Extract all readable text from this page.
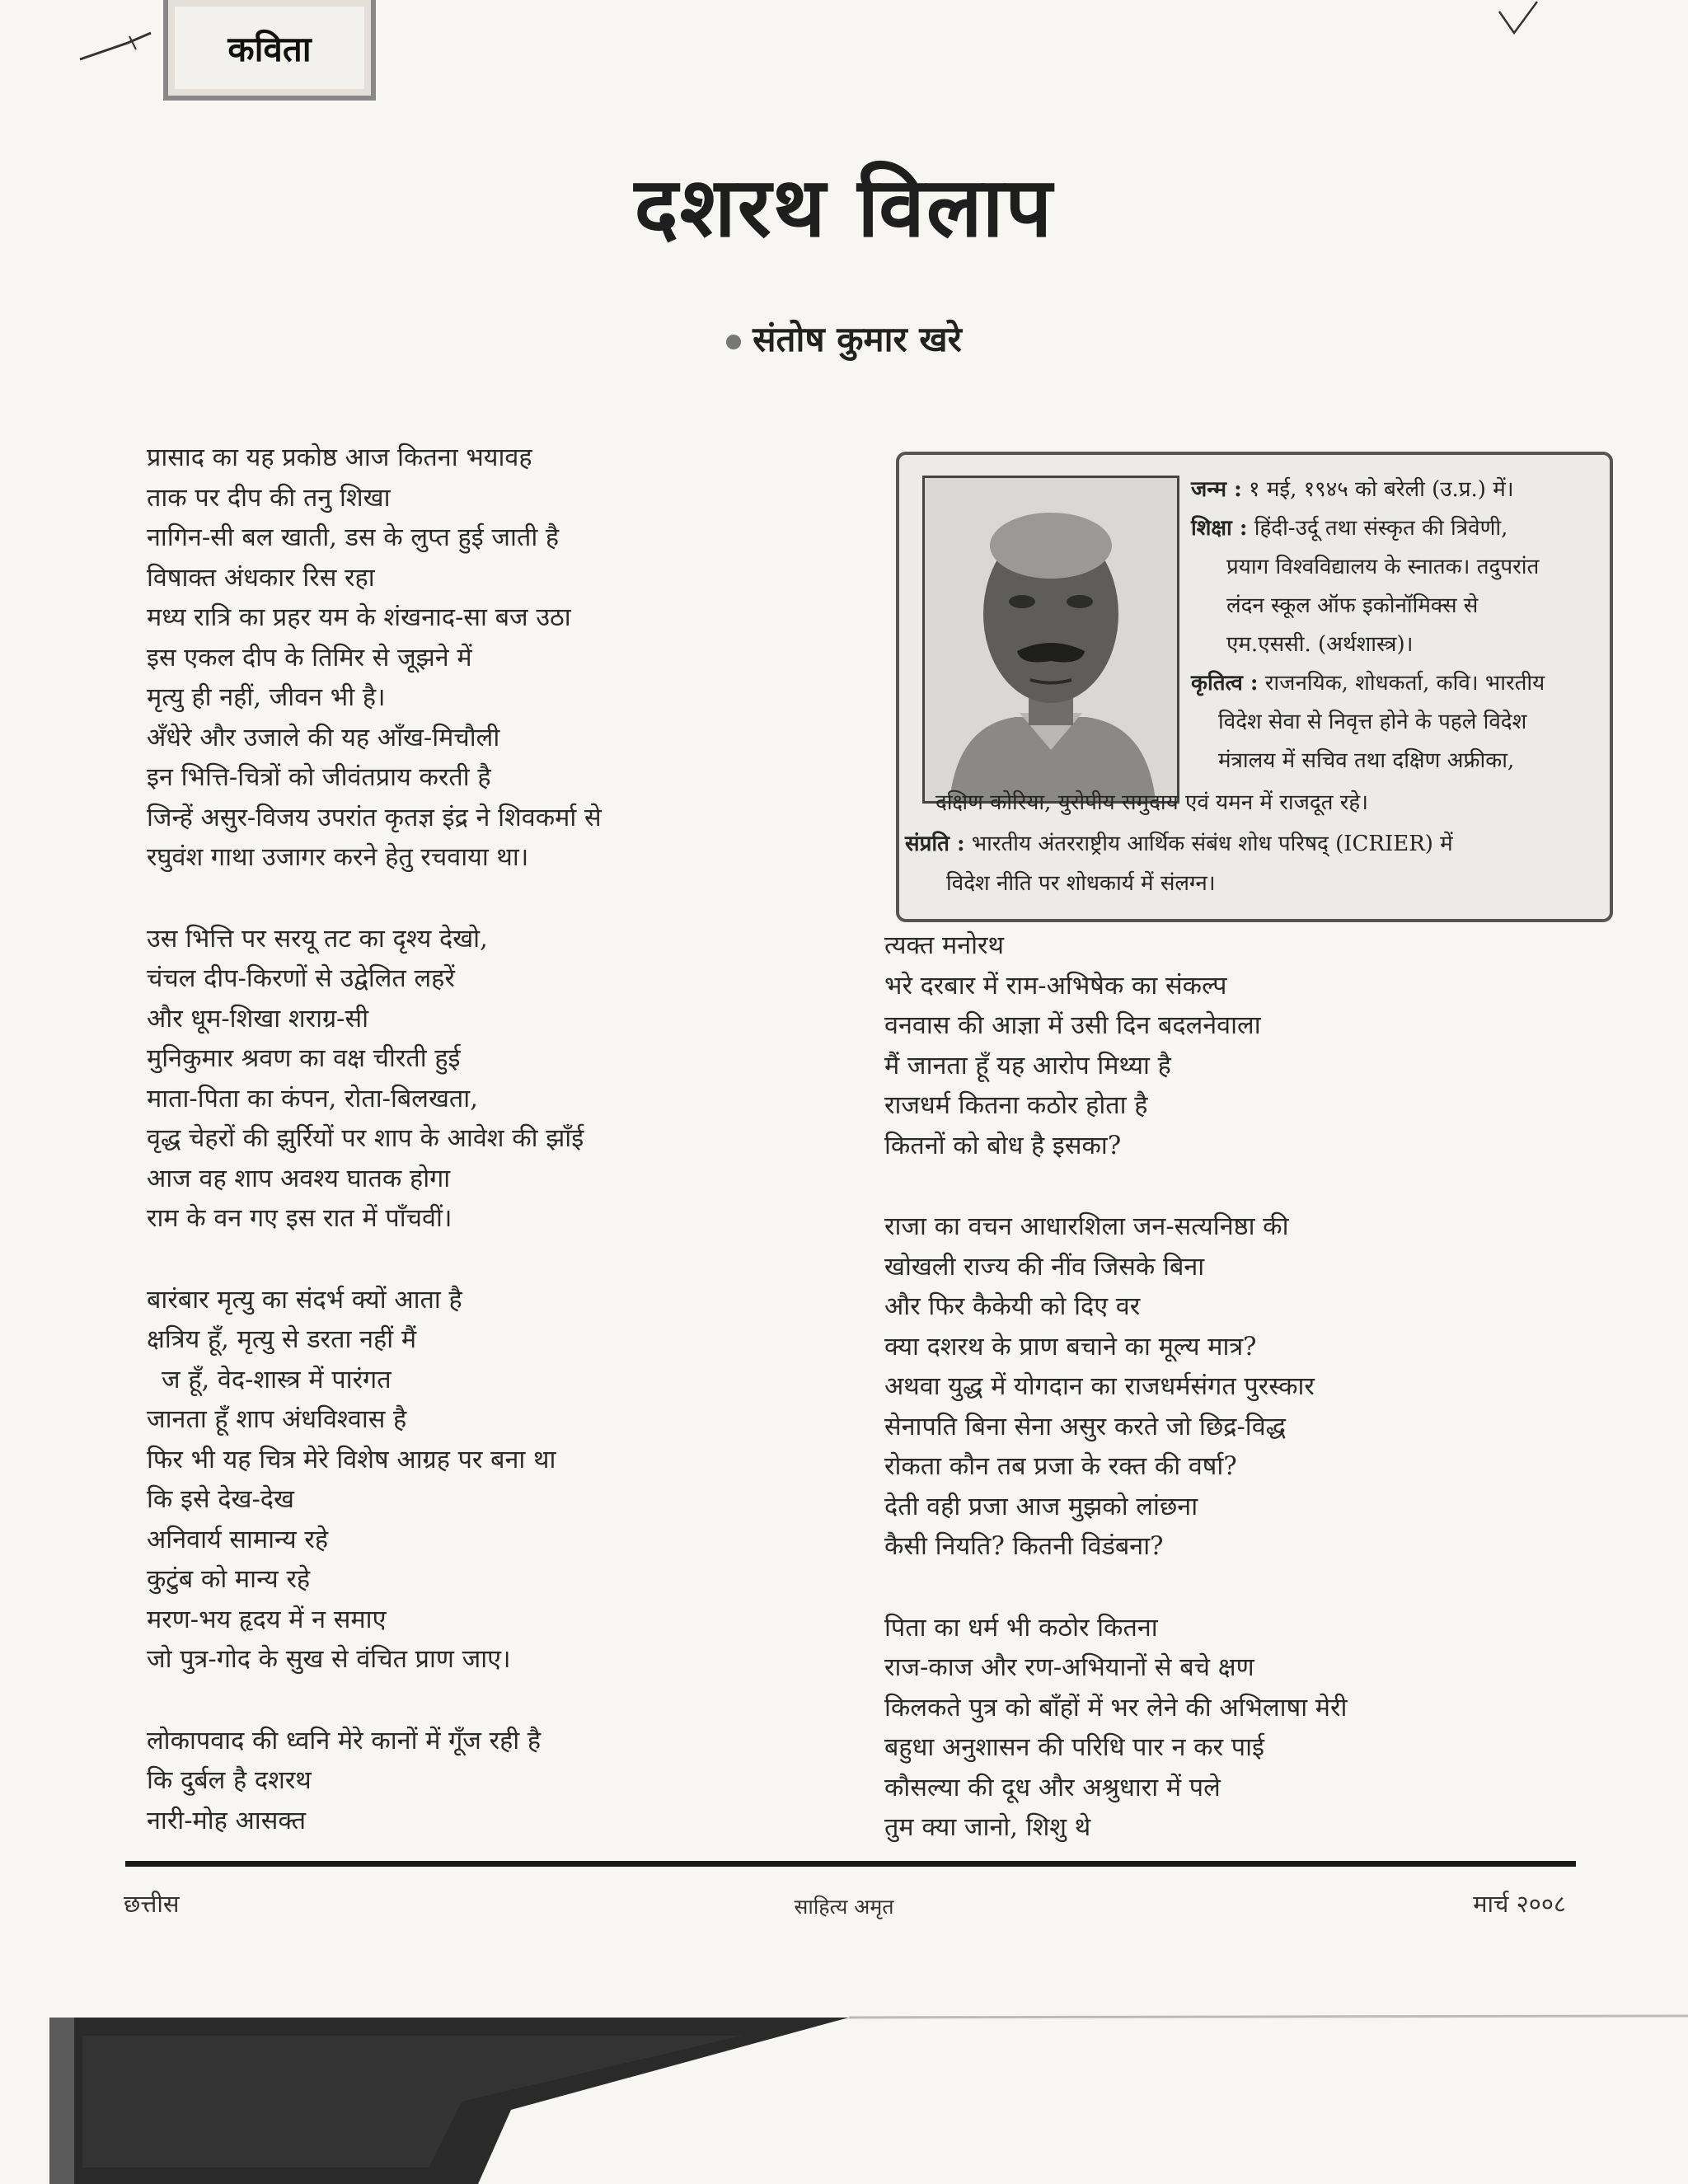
कविता
दशरथ विलाप
संतोष कुमार खरे
प्रासाद का यह प्रकोष्ठ आज कितना भयावह
ताक पर दीप की तनु शिखा
नागिन-सी बल खाती, डस के लुप्त हुई जाती है
विषाक्त अंधकार रिस रहा
मध्य रात्रि का प्रहर यम के शंखनाद-सा बज उठा
इस एकल दीप के तिमिर से जूझने में
मृत्यु ही नहीं, जीवन भी है।
अँधेरे और उजाले की यह आँख-मिचौली
इन भित्ति-चित्रों को जीवंतप्राय करती है
जिन्हें असुर-विजय उपरांत कृतज्ञ इंद्र ने शिवकर्मा से
रघुवंश गाथा उजागर करने हेतु रचवाया था।
उस भित्ति पर सरयू तट का दृश्य देखो,
चंचल दीप-किरणों से उद्वेलित लहरें
और धूम-शिखा शराग्र-सी
मुनिकुमार श्रवण का वक्ष चीरती हुई
माता-पिता का कंपन, रोता-बिलखता,
वृद्ध चेहरों की झुर्रियों पर शाप के आवेश की झाँई
आज वह शाप अवश्य घातक होगा
राम के वन गए इस रात में पाँचवीं।
बारंबार मृत्यु का संदर्भ क्यों आता है
क्षत्रिय हूँ, मृत्यु से डरता नहीं मैं
ज हूँ, वेद-शास्त्र में पारंगत
जानता हूँ शाप अंधविश्वास है
फिर भी यह चित्र मेरे विशेष आग्रह पर बना था
कि इसे देख-देख
अनिवार्य सामान्य रहे
कुटुंब को मान्य रहे
मरण-भय हृदय में न समाए
जो पुत्र-गोद के सुख से वंचित प्राण जाए।
लोकापवाद की ध्वनि मेरे कानों में गूँज रही है
कि दुर्बल है दशरथ
नारी-मोह आसक्त
जन्म : १ मई, १९४५ को बरेली (उ.प्र.) में।
शिक्षा : हिंदी-उर्दू तथा संस्कृत की त्रिवेणी,
प्रयाग विश्वविद्यालय के स्नातक। तदुपरांत
लंदन स्कूल ऑफ इकोनॉमिक्स से
एम.एससी. (अर्थशास्त्र)।
कृतित्व : राजनयिक, शोधकर्ता, कवि। भारतीय
विदेश सेवा से निवृत्त होने के पहले विदेश
मंत्रालय में सचिव तथा दक्षिण अफ्रीका,
दक्षिण कोरिया, युरोपीय समुदाय एवं यमन में राजदूत रहे।
संप्रति : भारतीय अंतरराष्ट्रीय आर्थिक संबंध शोध परिषद् (ICRIER) में
विदेश नीति पर शोधकार्य में संलग्न।
त्यक्त मनोरथ
भरे दरबार में राम-अभिषेक का संकल्प
वनवास की आज्ञा में उसी दिन बदलनेवाला
मैं जानता हूँ यह आरोप मिथ्या है
राजधर्म कितना कठोर होता है
कितनों को बोध है इसका?
राजा का वचन आधारशिला जन-सत्यनिष्ठा की
खोखली राज्य की नींव जिसके बिना
और फिर कैकेयी को दिए वर
क्या दशरथ के प्राण बचाने का मूल्य मात्र?
अथवा युद्ध में योगदान का राजधर्मसंगत पुरस्कार
सेनापति बिना सेना असुर करते जो छिद्र-विद्ध
रोकता कौन तब प्रजा के रक्त की वर्षा?
देती वही प्रजा आज मुझको लांछना
कैसी नियति? कितनी विडंबना?
पिता का धर्म भी कठोर कितना
राज-काज और रण-अभियानों से बचे क्षण
किलकते पुत्र को बाँहों में भर लेने की अभिलाषा मेरी
बहुधा अनुशासन की परिधि पार न कर पाई
कौसल्या की दूध और अश्रुधारा में पले
तुम क्या जानो, शिशु थे
छत्तीस	साहित्य अमृत	मार्च २००८
